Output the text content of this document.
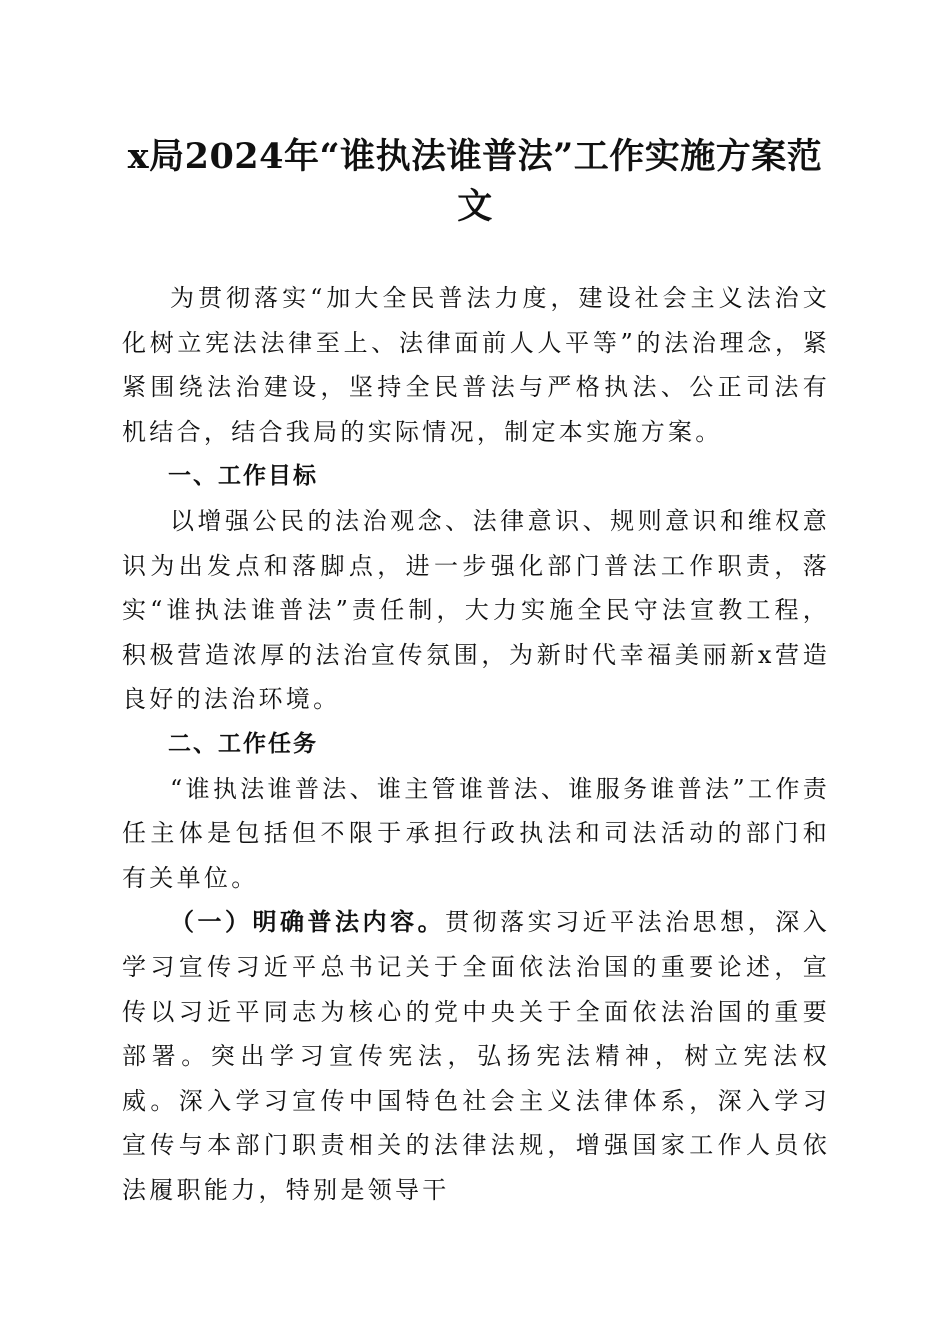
x局2024年“谁执法谁普法”工作实施方案范文

为贯彻落实“加大全民普法力度，建设社会主义法治文化树立宪法法律至上、法律面前人人平等”的法治理念，紧紧围绕法治建设，坚持全民普法与严格执法、公正司法有机结合，结合我局的实际情况，制定本实施方案。

一、工作目标

以增强公民的法治观念、法律意识、规则意识和维权意识为出发点和落脚点，进一步强化部门普法工作职责，落实“谁执法谁普法”责任制，大力实施全民守法宣教工程，积极营造浓厚的法治宣传氛围，为新时代幸福美丽新x营造良好的法治环境。

二、工作任务

“谁执法谁普法、谁主管谁普法、谁服务谁普法”工作责任主体是包括但不限于承担行政执法和司法活动的部门和有关单位。

（一）明确普法内容。贯彻落实习近平法治思想，深入学习宣传习近平总书记关于全面依法治国的重要论述，宣传以习近平同志为核心的党中央关于全面依法治国的重要部署。突出学习宣传宪法，弘扬宪法精神，树立宪法权威。深入学习宣传中国特色社会主义法律体系，深入学习宣传与本部门职责相关的法律法规，增强国家工作人员依法履职能力，特别是领导干
